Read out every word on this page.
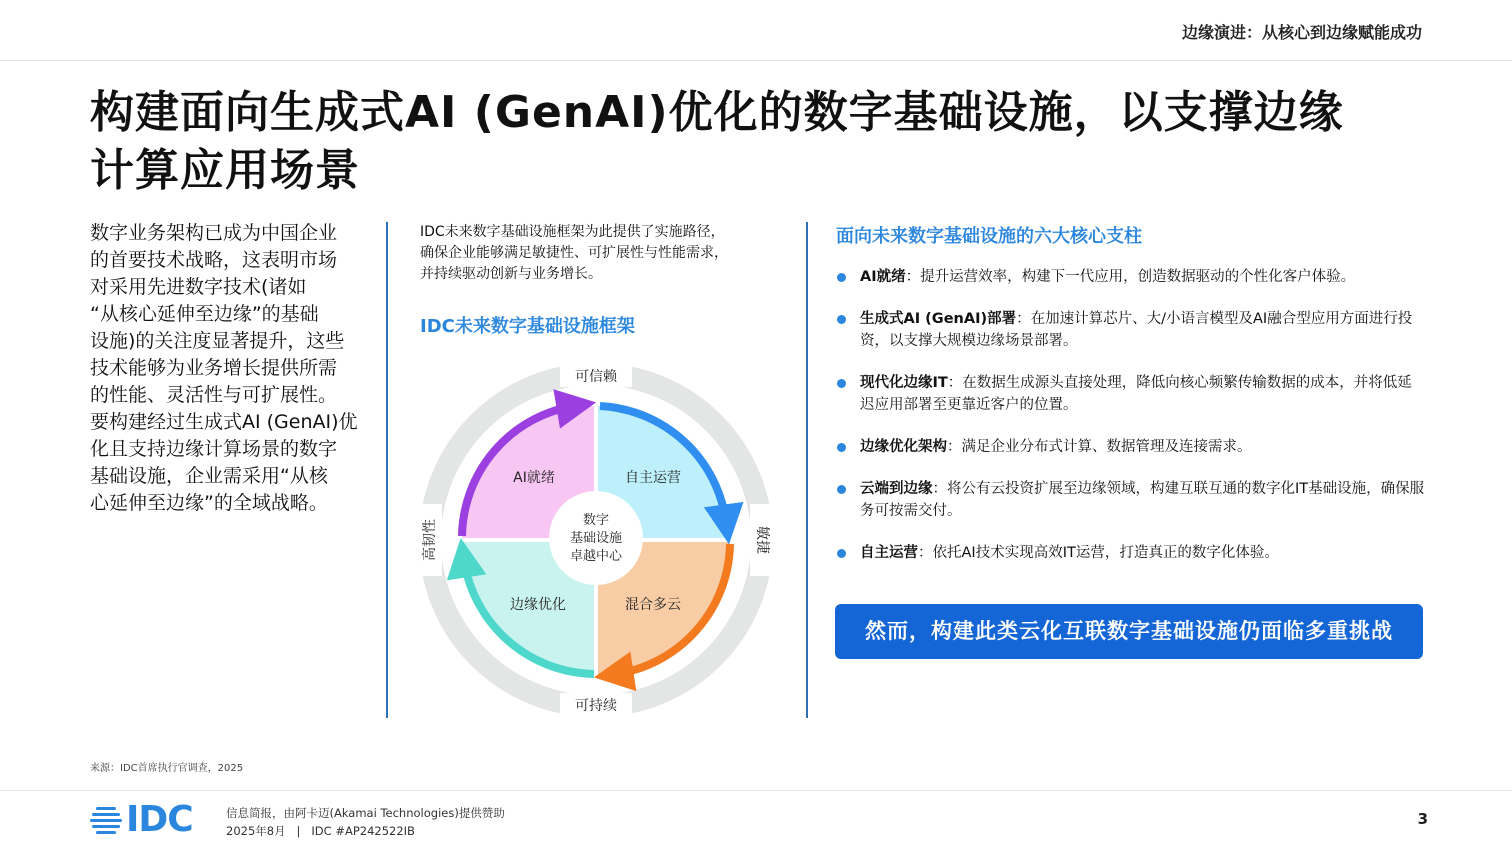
边缘演进：从核心到边缘赋能成功
构建面向生成式AI (GenAI)优化的数字基础设施，以支撑边缘
计算应用场景
数字业务架构已成为中国企业
的首要技术战略，这表明市场
对采用先进数字技术(诸如
“从核心延伸至边缘”的基础
设施)的关注度显著提升，这些
技术能够为业务增长提供所需
的性能、灵活性与可扩展性。
要构建经过生成式AI (GenAI)优
化且支持边缘计算场景的数字
基础设施，企业需采用“从核
心延伸至边缘”的全域战略。
IDC未来数字基础设施框架为此提供了实施路径，
确保企业能够满足敏捷性、可扩展性与性能需求，
并持续驱动创新与业务增长。
IDC未来数字基础设施框架
AI就绪	自主运营
边缘优化	混合多云
数字
基础设施
卓越中心
可信赖
可持续
敏捷
高韧性
面向未来数字基础设施的六大核心支柱
AI就绪：提升运营效率，构建下一代应用，创造数据驱动的个性化客户体验。
生成式AI (GenAI)部署：在加速计算芯片、大/小语言模型及AI融合型应用方面进行投资，以支撑大规模边缘场景部署。
现代化边缘IT：在数据生成源头直接处理，降低向核心频繁传输数据的成本，并将低延迟应用部署至更靠近客户的位置。
边缘优化架构：满足企业分布式计算、数据管理及连接需求。
云端到边缘：将公有云投资扩展至边缘领域，构建互联互通的数字化IT基础设施，确保服务可按需交付。
自主运营：依托AI技术实现高效IT运营，打造真正的数字化体验。
然而，构建此类云化互联数字基础设施仍面临多重挑战
来源：IDC首席执行官调查，2025
IDC	信息简报，由阿卡迈(Akamai Technologies)提供赞助
2025年8月   |   IDC #AP242522IB
3
